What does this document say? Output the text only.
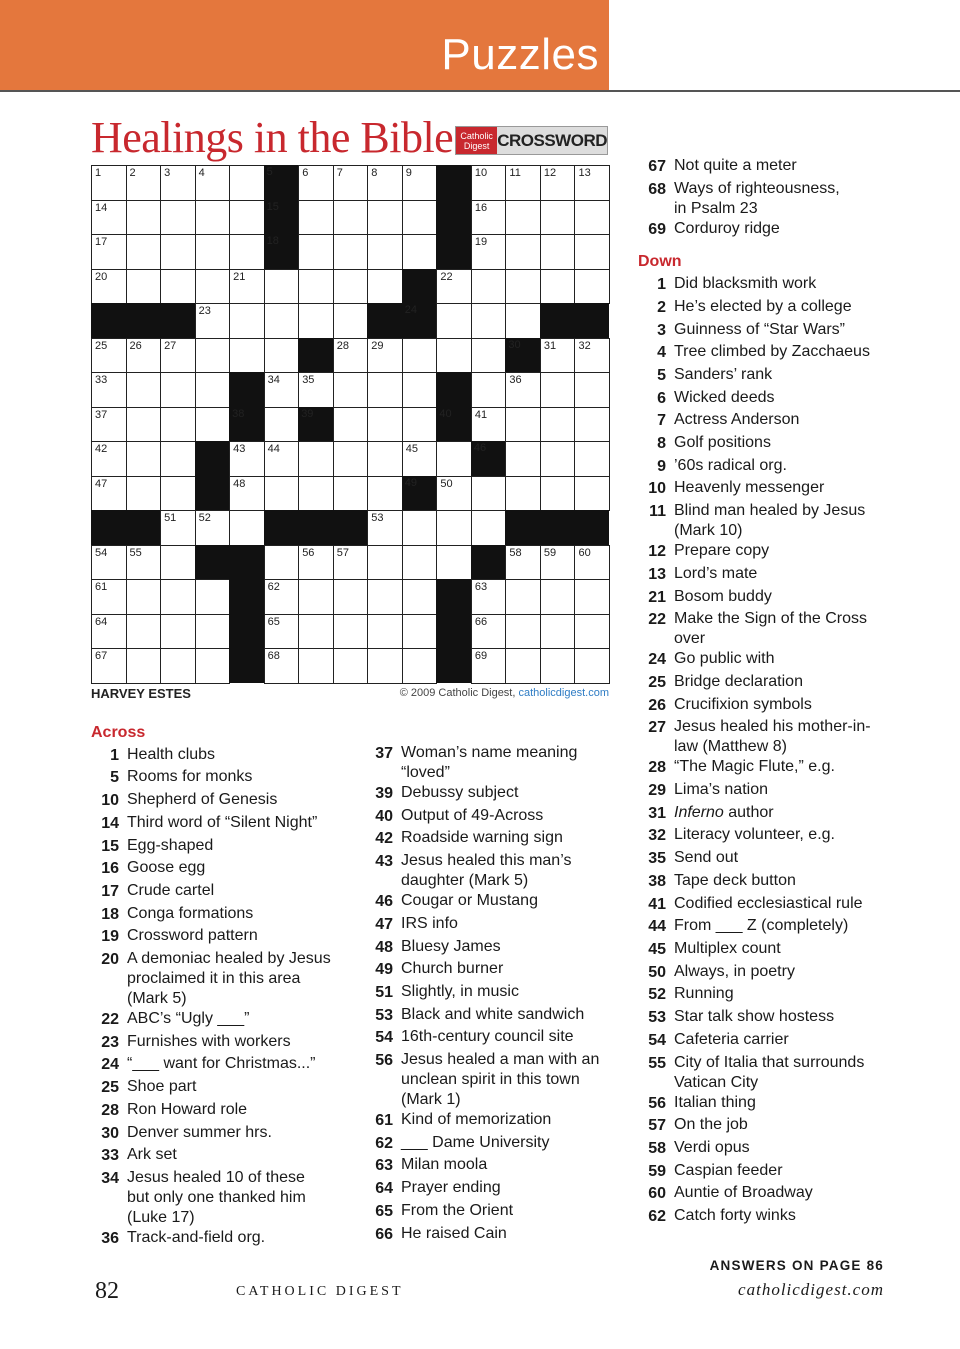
Puzzles
Healings in the Bible Catholic Digest CROSSWORD
1	2	3	4	5	6	7	8	9	10 11 12 13
14	15	16
17	18	19
20	21	22
23	24
25 26 27	28 29	30 31 32
33	34 35	36
37	38	39	40 41
42	43 44	45	46
47	48	49 50
51 52	53
54 55	56 57	58 59 60
61	62	63
64	65	66
67	68	69
HARVEY ESTES	© 2009 Catholic Digest, catholicdigest.com
Across
1 Health clubs
5 Rooms for monks
10 Shepherd of Genesis
14 Third word of “Silent Night”
15 Egg-shaped
16 Goose egg
17 Crude cartel
18 Conga formations
19 Crossword pattern
20 A demoniac healed by Jesus
proclaimed it in this area
(Mark 5)
22 ABC’s “Ugly ___”
23 Furnishes with workers
24 “___ want for Christmas...”
25 Shoe part
28 Ron Howard role
30 Denver summer hrs.
33 Ark set
34 Jesus healed 10 of these
but only one thanked him
(Luke 17)
36 Track-and-field org.
37 Woman’s name meaning
“loved”
39 Debussy subject
40 Output of 49-Across
42 Roadside warning sign
43 Jesus healed this man’s
daughter (Mark 5)
46 Cougar or Mustang
47 IRS info
48 Bluesy James
49 Church burner
51 Slightly, in music
53 Black and white sandwich
54 16th-century council site
56 Jesus healed a man with an
unclean spirit in this town
(Mark 1)
61 Kind of memorization
62 ___ Dame University
63 Milan moola
64 Prayer ending
65 From the Orient
66 He raised Cain
67 Not quite a meter
68 Ways of righteousness,
in Psalm 23
69 Corduroy ridge
Down
1 Did blacksmith work
2 He’s elected by a college
3 Guinness of “Star Wars”
4 Tree climbed by Zacchaeus
5 Sanders’ rank
6 Wicked deeds
7 Actress Anderson
8 Golf positions
9 ’60s radical org.
10 Heavenly messenger
11 Blind man healed by Jesus
(Mark 10)
12 Prepare copy
13 Lord’s mate
21 Bosom buddy
22 Make the Sign of the Cross
over
24 Go public with
25 Bridge declaration
26 Crucifixion symbols
27 Jesus healed his mother-in-
law (Matthew 8)
28 “The Magic Flute,” e.g.
29 Lima’s nation
31 Inferno author
32 Literacy volunteer, e.g.
35 Send out
38 Tape deck button
41 Codified ecclesiastical rule
44 From ___ Z (completely)
45 Multiplex count
50 Always, in poetry
52 Running
53 Star talk show hostess
54 Cafeteria carrier
55 City of Italia that surrounds
Vatican City
56 Italian thing
57 On the job
58 Verdi opus
59 Caspian feeder
60 Auntie of Broadway
62 Catch forty winks
ANSWERS ON PAGE 86
82	CATHOLIC DIGEST	catholicdigest.com
